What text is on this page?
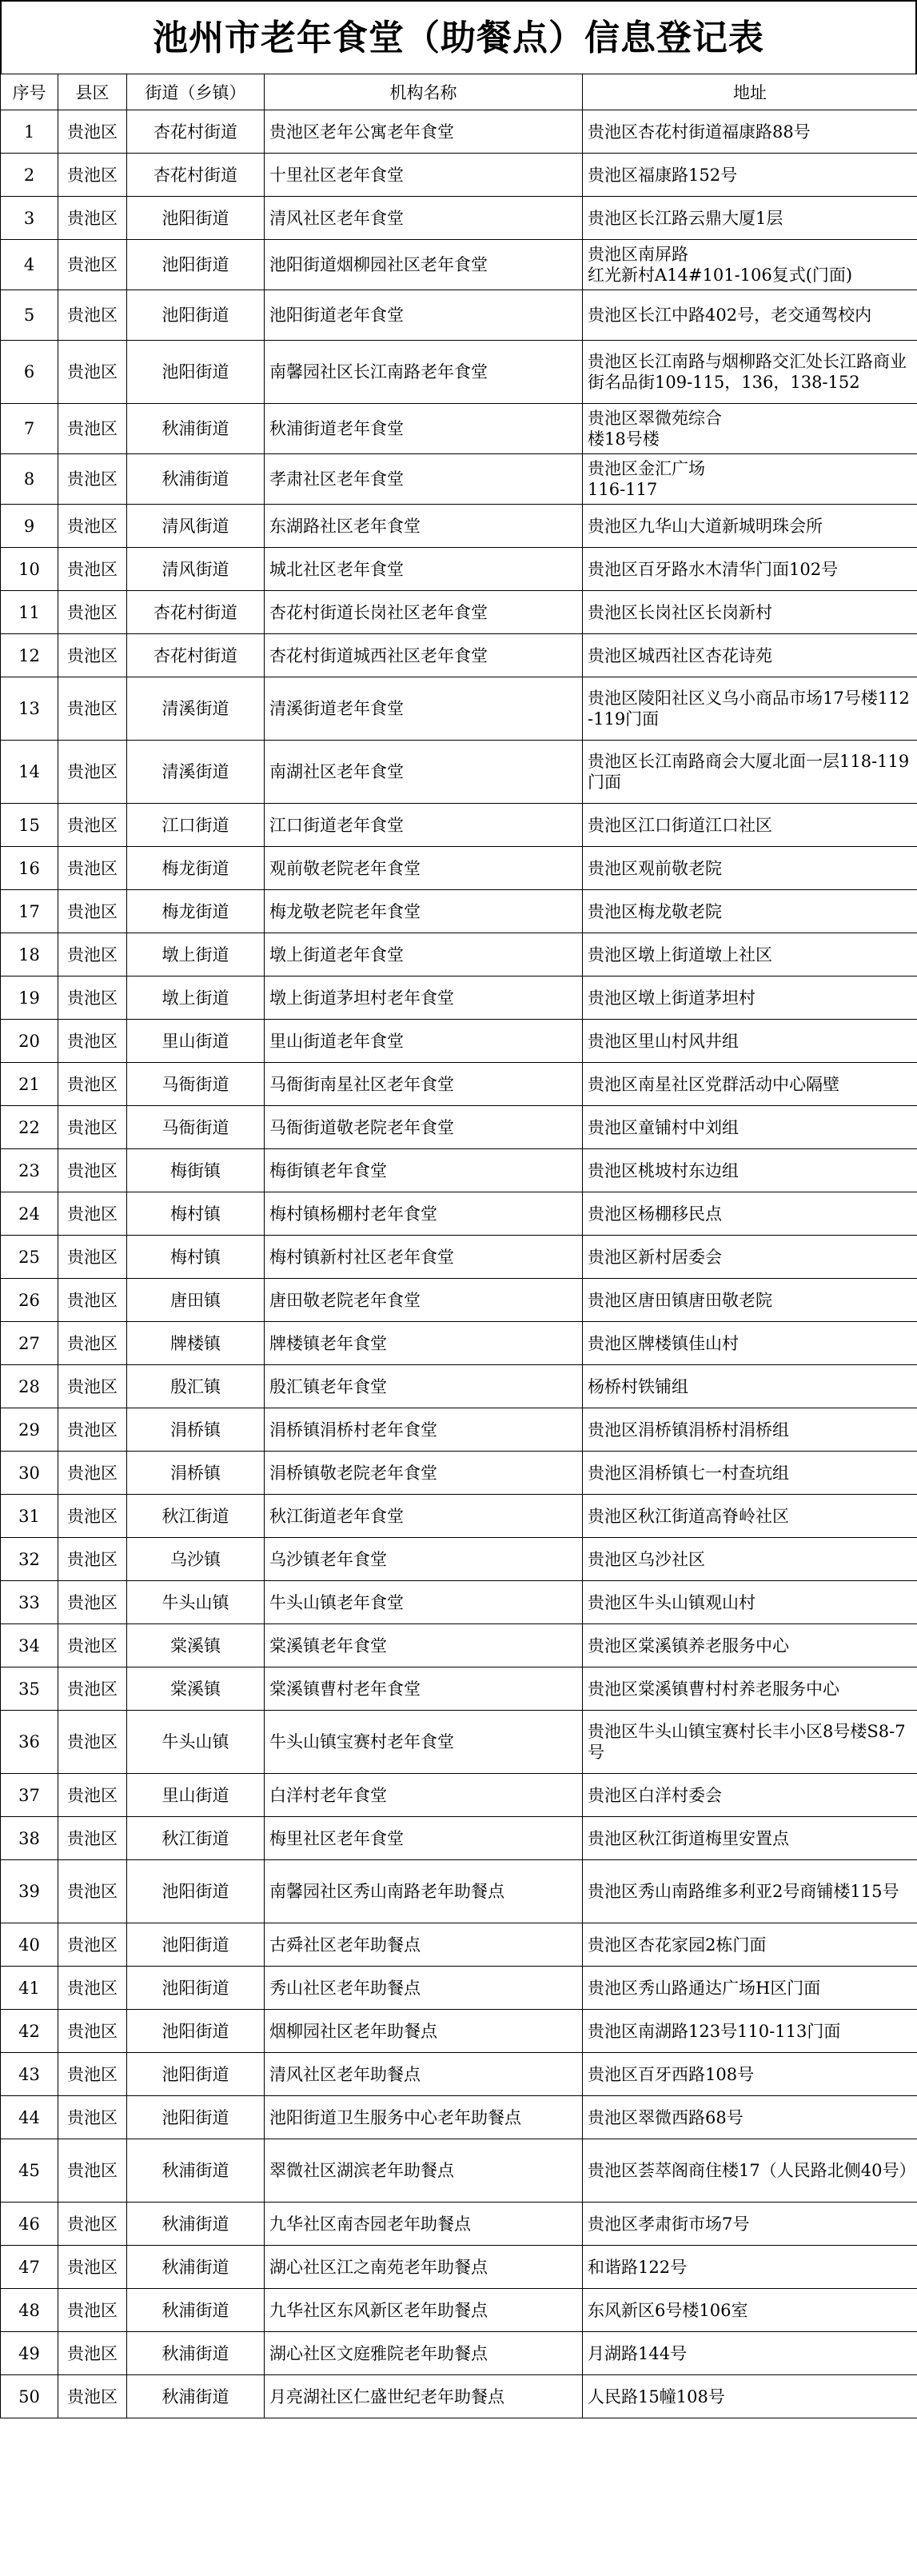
池州市老年食堂（助餐点）信息登记表
序号	县区	街道（乡镇）	机构名称	地址
1	贵池区	杏花村街道	贵池区老年公寓老年食堂	贵池区杏花村街道福康路88号
2	贵池区	杏花村街道	十里社区老年食堂	贵池区福康路152号
3	贵池区	池阳街道	清风社区老年食堂	贵池区长江路云鼎大厦1层
4	贵池区	池阳街道	池阳街道烟柳园社区老年食堂	贵池区南屏路
红光新村A14#101-106复式(门面)
5	贵池区	池阳街道	池阳街道老年食堂	贵池区长江中路402号，老交通驾校内
6	贵池区	池阳街道	南馨园社区长江南路老年食堂	贵池区长江南路与烟柳路交汇处长江路商业街名品街109-115，136，138-152
7	贵池区	秋浦街道	秋浦街道老年食堂	贵池区翠微苑综合
楼18号楼
8	贵池区	秋浦街道	孝肃社区老年食堂	贵池区金汇广场
116-117
9	贵池区	清风街道	东湖路社区老年食堂	贵池区九华山大道新城明珠会所
10	贵池区	清风街道	城北社区老年食堂	贵池区百牙路水木清华门面102号
11	贵池区	杏花村街道	杏花村街道长岗社区老年食堂	贵池区长岗社区长岗新村
12	贵池区	杏花村街道	杏花村街道城西社区老年食堂	贵池区城西社区杏花诗苑
13	贵池区	清溪街道	清溪街道老年食堂	贵池区陵阳社区义乌小商品市场17号楼112-119门面
14	贵池区	清溪街道	南湖社区老年食堂	贵池区长江南路商会大厦北面一层118-119门面
15	贵池区	江口街道	江口街道老年食堂	贵池区江口街道江口社区
16	贵池区	梅龙街道	观前敬老院老年食堂	贵池区观前敬老院
17	贵池区	梅龙街道	梅龙敬老院老年食堂	贵池区梅龙敬老院
18	贵池区	墩上街道	墩上街道老年食堂	贵池区墩上街道墩上社区
19	贵池区	墩上街道	墩上街道茅坦村老年食堂	贵池区墩上街道茅坦村
20	贵池区	里山街道	里山街道老年食堂	贵池区里山村风井组
21	贵池区	马衙街道	马衙街南星社区老年食堂	贵池区南星社区党群活动中心隔壁
22	贵池区	马衙街道	马衙街道敬老院老年食堂	贵池区童铺村中刘组
23	贵池区	梅街镇	梅街镇老年食堂	贵池区桃坡村东边组
24	贵池区	梅村镇	梅村镇杨棚村老年食堂	贵池区杨棚移民点
25	贵池区	梅村镇	梅村镇新村社区老年食堂	贵池区新村居委会
26	贵池区	唐田镇	唐田敬老院老年食堂	贵池区唐田镇唐田敬老院
27	贵池区	牌楼镇	牌楼镇老年食堂	贵池区牌楼镇佳山村
28	贵池区	殷汇镇	殷汇镇老年食堂	杨桥村铁铺组
29	贵池区	涓桥镇	涓桥镇涓桥村老年食堂	贵池区涓桥镇涓桥村涓桥组
30	贵池区	涓桥镇	涓桥镇敬老院老年食堂	贵池区涓桥镇七一村查坑组
31	贵池区	秋江街道	秋江街道老年食堂	贵池区秋江街道高脊岭社区
32	贵池区	乌沙镇	乌沙镇老年食堂	贵池区乌沙社区
33	贵池区	牛头山镇	牛头山镇老年食堂	贵池区牛头山镇观山村
34	贵池区	棠溪镇	棠溪镇老年食堂	贵池区棠溪镇养老服务中心
35	贵池区	棠溪镇	棠溪镇曹村老年食堂	贵池区棠溪镇曹村村养老服务中心
36	贵池区	牛头山镇	牛头山镇宝赛村老年食堂	贵池区牛头山镇宝赛村长丰小区8号楼S8-7号
37	贵池区	里山街道	白洋村老年食堂	贵池区白洋村委会
38	贵池区	秋江街道	梅里社区老年食堂	贵池区秋江街道梅里安置点
39	贵池区	池阳街道	南馨园社区秀山南路老年助餐点	贵池区秀山南路维多利亚2号商铺楼115号
40	贵池区	池阳街道	古舜社区老年助餐点	贵池区杏花家园2栋门面
41	贵池区	池阳街道	秀山社区老年助餐点	贵池区秀山路通达广场H区门面
42	贵池区	池阳街道	烟柳园社区老年助餐点	贵池区南湖路123号110-113门面
43	贵池区	池阳街道	清风社区老年助餐点	贵池区百牙西路108号
44	贵池区	池阳街道	池阳街道卫生服务中心老年助餐点	贵池区翠微西路68号
45	贵池区	秋浦街道	翠微社区湖滨老年助餐点	贵池区荟萃阁商住楼17（人民路北侧40号）
46	贵池区	秋浦街道	九华社区南杏园老年助餐点	贵池区孝肃街市场7号
47	贵池区	秋浦街道	湖心社区江之南苑老年助餐点	和谐路122号
48	贵池区	秋浦街道	九华社区东风新区老年助餐点	东风新区6号楼106室
49	贵池区	秋浦街道	湖心社区文庭雅院老年助餐点	月湖路144号
50	贵池区	秋浦街道	月亮湖社区仁盛世纪老年助餐点	人民路15幢108号
